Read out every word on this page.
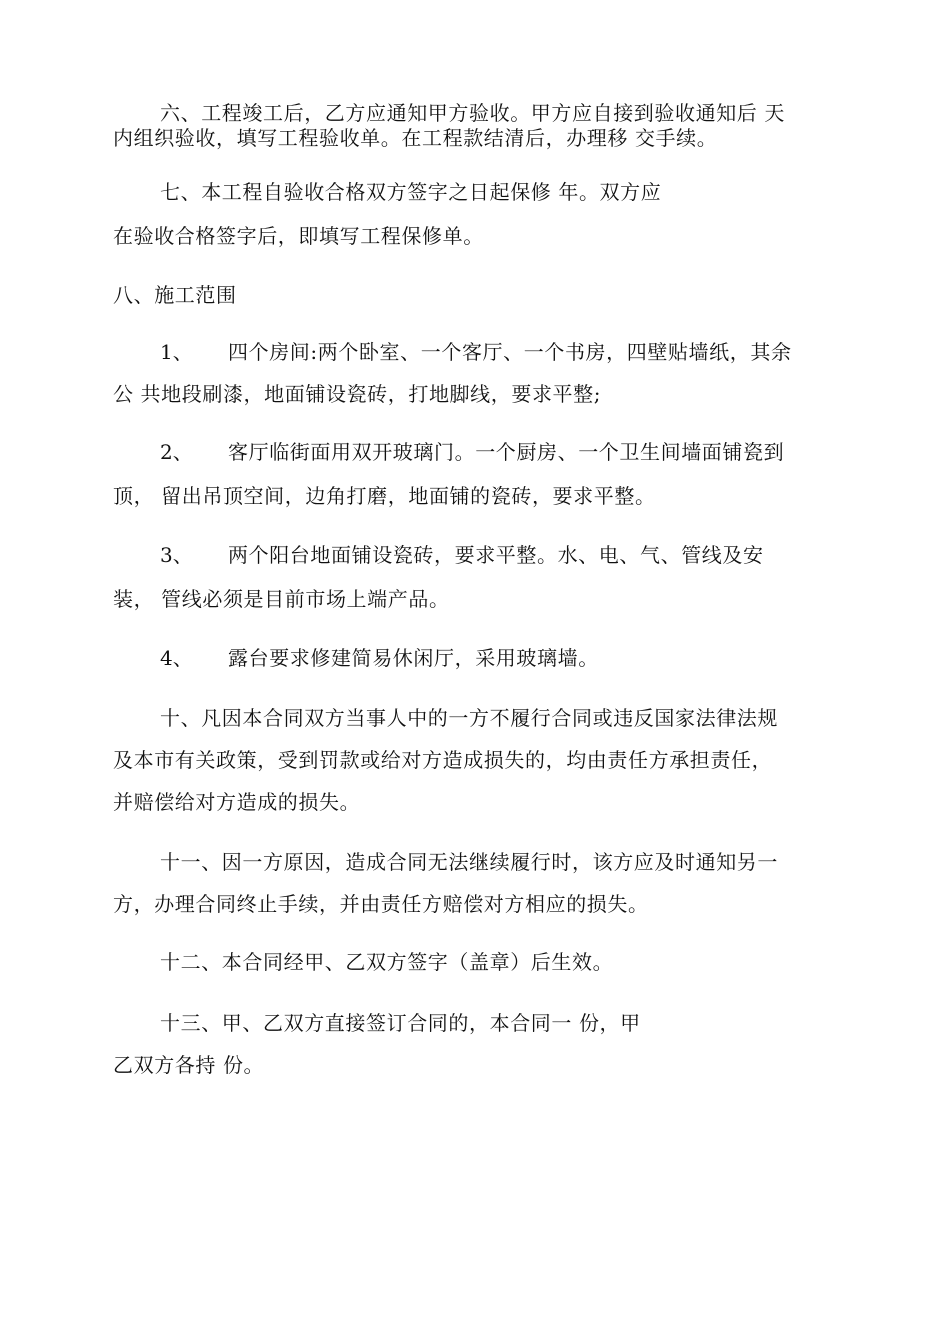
六、工程竣工后，乙方应通知甲方验收。甲方应自接到验收通知后 天
内组织验收，填写工程验收单。在工程款结清后，办理移 交手续。
七、本工程自验收合格双方签字之日起保修 年。双方应
在验收合格签字后，即填写工程保修单。
八、施工范围
1、 四个房间:两个卧室、一个客厅、一个书房，四壁贴墙纸，其余
公 共地段刷漆，地面铺设瓷砖，打地脚线，要求平整;
2、 客厅临街面用双开玻璃门。一个厨房、一个卫生间墙面铺瓷到
顶， 留出吊顶空间，边角打磨，地面铺的瓷砖，要求平整。
3、 两个阳台地面铺设瓷砖，要求平整。水、电、气、管线及安
装， 管线必须是目前市场上端产品。
4、 露台要求修建简易休闲厅，采用玻璃墙。
十、凡因本合同双方当事人中的一方不履行合同或违反国家法律法规
及本市有关政策，受到罚款或给对方造成损失的，均由责任方承担责任，
并赔偿给对方造成的损失。
十一、因一方原因，造成合同无法继续履行时，该方应及时通知另一
方，办理合同终止手续，并由责任方赔偿对方相应的损失。
十二、本合同经甲、乙双方签字（盖章）后生效。
十三、甲、乙双方直接签订合同的，本合同一 份，甲
乙双方各持 份。
